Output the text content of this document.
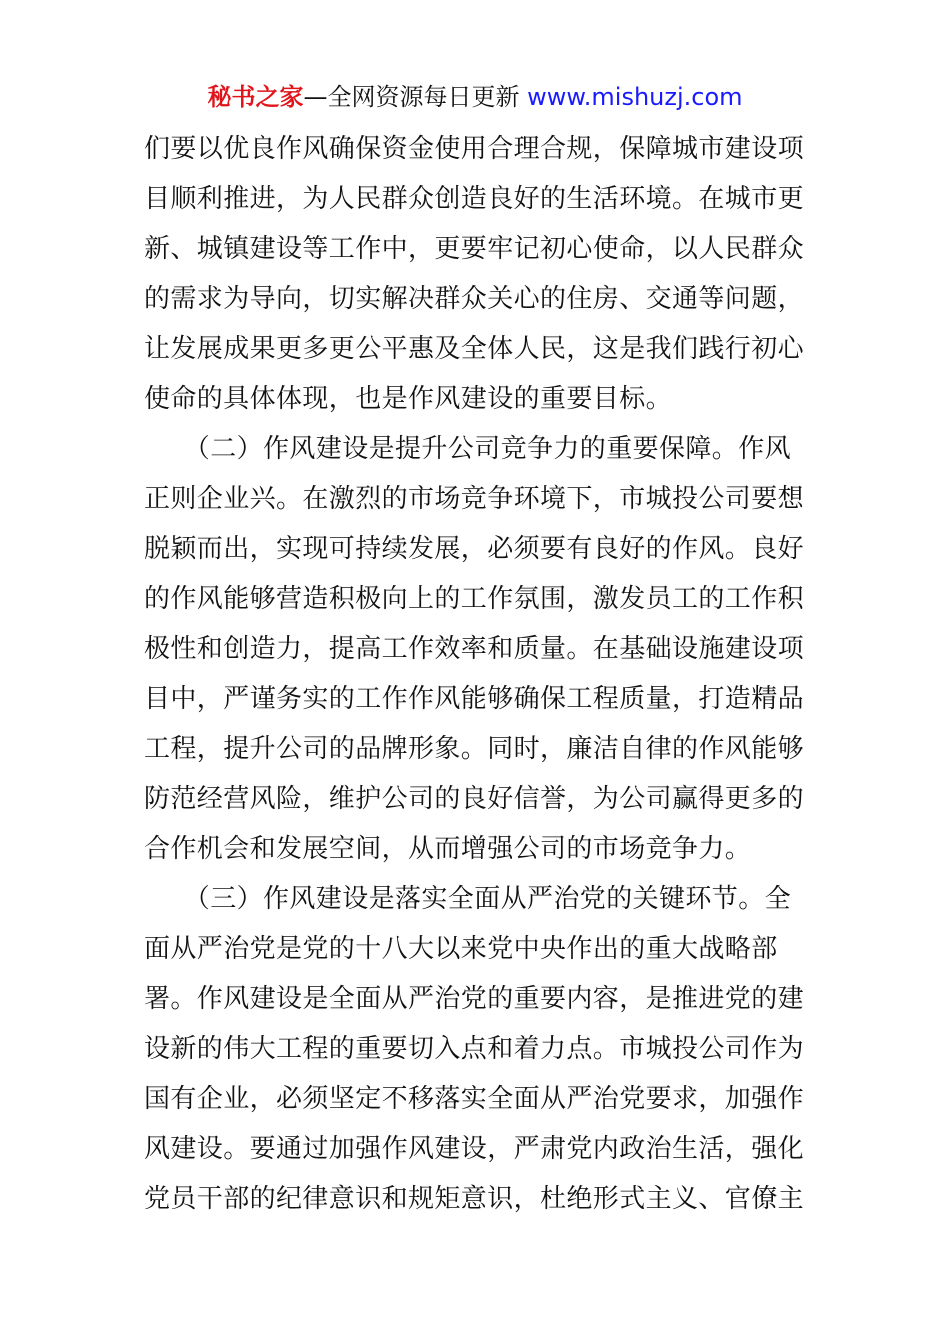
秘书之家—全网资源每日更新 www.mishuzj.com
们要以优良作风确保资金使用合理合规，保障城市建设项
目顺利推进，为人民群众创造良好的生活环境。在城市更
新、城镇建设等工作中，更要牢记初心使命，以人民群众
的需求为导向，切实解决群众关心的住房、交通等问题，
让发展成果更多更公平惠及全体人民，这是我们践行初心
使命的具体体现，也是作风建设的重要目标。
　　（二）作风建设是提升公司竞争力的重要保障。作风
正则企业兴。在激烈的市场竞争环境下，市城投公司要想
脱颖而出，实现可持续发展，必须要有良好的作风。良好
的作风能够营造积极向上的工作氛围，激发员工的工作积
极性和创造力，提高工作效率和质量。在基础设施建设项
目中，严谨务实的工作作风能够确保工程质量，打造精品
工程，提升公司的品牌形象。同时，廉洁自律的作风能够
防范经营风险，维护公司的良好信誉，为公司赢得更多的
合作机会和发展空间，从而增强公司的市场竞争力。
　　（三）作风建设是落实全面从严治党的关键环节。全
面从严治党是党的十八大以来党中央作出的重大战略部
署。作风建设是全面从严治党的重要内容，是推进党的建
设新的伟大工程的重要切入点和着力点。市城投公司作为
国有企业，必须坚定不移落实全面从严治党要求，加强作
风建设。要通过加强作风建设，严肃党内政治生活，强化
党员干部的纪律意识和规矩意识，杜绝形式主义、官僚主
